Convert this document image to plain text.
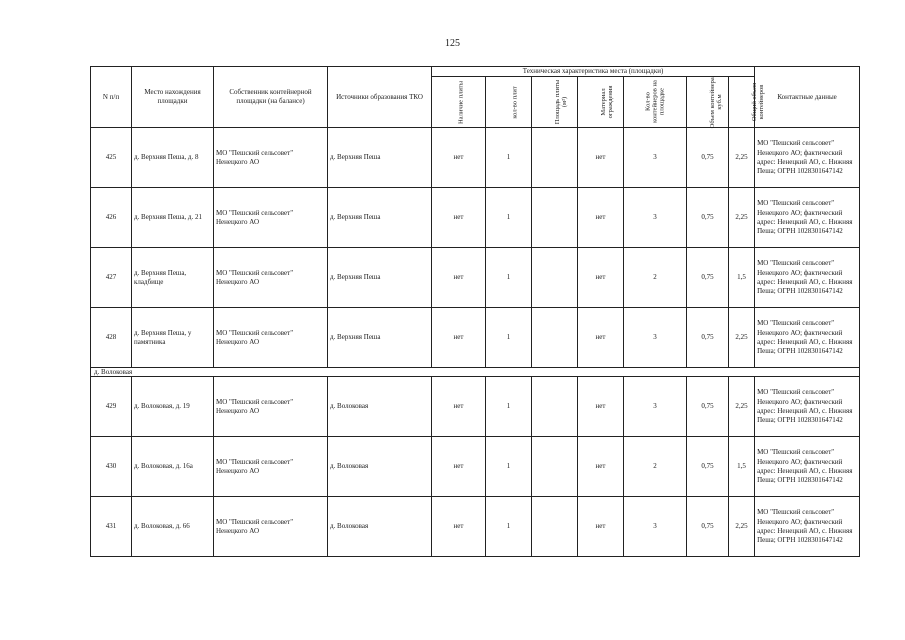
125
N п/п	Место нахождения площадки	Собственник контейнерной площадки (на балансе)	Источники образования ТКО	Техническая характеристика места (площадки)							Контактные данные
				Наличие плиты	кол-во плит	Площадь плиты (м²)	Материал ограждения	Кол-во контейнеров на площадке	Объем контейнера, куб.м	Общий объем контейнеров	
425	д. Верхняя Пеша, д. 8	МО "Пешский сельсовет" Ненецкого АО	д. Верхняя Пеша	нет	1		нет	3	0,75	2,25	МО "Пешский сельсовет" Ненецкого АО; фактический адрес: Ненецкий АО, с. Нижняя Пеша; ОГРН 1028301647142
426	д. Верхняя Пеша, д. 21	МО "Пешский сельсовет" Ненецкого АО	д. Верхняя Пеша	нет	1		нет	3	0,75	2,25	МО "Пешский сельсовет" Ненецкого АО; фактический адрес: Ненецкий АО, с. Нижняя Пеша; ОГРН 1028301647142
427	д. Верхняя Пеша, кладбище	МО "Пешский сельсовет" Ненецкого АО	д. Верхняя Пеша	нет	1		нет	2	0,75	1,5	МО "Пешский сельсовет" Ненецкого АО; фактический адрес: Ненецкий АО, с. Нижняя Пеша; ОГРН 1028301647142
428	д. Верхняя Пеша, у памятника	МО "Пешский сельсовет" Ненецкого АО	д. Верхняя Пеша	нет	1		нет	3	0,75	2,25	МО "Пешский сельсовет" Ненецкого АО; фактический адрес: Ненецкий АО, с. Нижняя Пеша; ОГРН 1028301647142
д. Волоковая											
429	д. Волоковая, д. 19	МО "Пешский сельсовет" Ненецкого АО	д. Волоковая	нет	1		нет	3	0,75	2,25	МО "Пешский сельсовет" Ненецкого АО; фактический адрес: Ненецкий АО, с. Нижняя Пеша; ОГРН 1028301647142
430	д. Волоковая, д. 16а	МО "Пешский сельсовет" Ненецкого АО	д. Волоковая	нет	1		нет	2	0,75	1,5	МО "Пешский сельсовет" Ненецкого АО; фактический адрес: Ненецкий АО, с. Нижняя Пеша; ОГРН 1028301647142
431	д. Волоковая, д. 66	МО "Пешский сельсовет" Ненецкого АО	д. Волоковая	нет	1		нет	3	0,75	2,25	МО "Пешский сельсовет" Ненецкого АО; фактический адрес: Ненецкий АО, с. Нижняя Пеша; ОГРН 1028301647142
